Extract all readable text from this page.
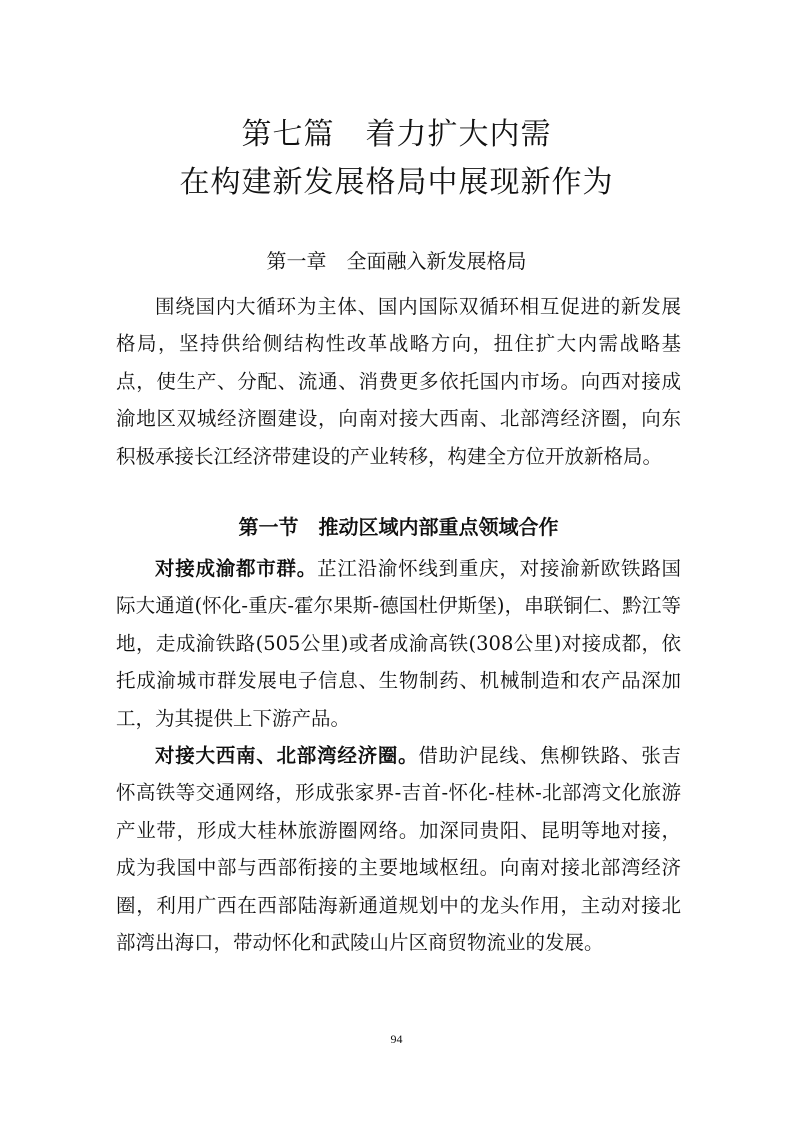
第七篇　着力扩大内需
在构建新发展格局中展现新作为
第一章　全面融入新发展格局

围绕国内大循环为主体、国内国际双循环相互促进的新发展格局，坚持供给侧结构性改革战略方向，扭住扩大内需战略基点，使生产、分配、流通、消费更多依托国内市场。向西对接成渝地区双城经济圈建设，向南对接大西南、北部湾经济圈，向东积极承接长江经济带建设的产业转移，构建全方位开放新格局。

第一节　推动区域内部重点领域合作

对接成渝都市群。芷江沿渝怀线到重庆，对接渝新欧铁路国际大通道(怀化-重庆-霍尔果斯-德国杜伊斯堡)，串联铜仁、黔江等地，走成渝铁路(505公里)或者成渝高铁(308公里)对接成都，依托成渝城市群发展电子信息、生物制药、机械制造和农产品深加工，为其提供上下游产品。

对接大西南、北部湾经济圈。借助沪昆线、焦柳铁路、张吉怀高铁等交通网络，形成张家界-吉首-怀化-桂林-北部湾文化旅游产业带，形成大桂林旅游圈网络。加深同贵阳、昆明等地对接，成为我国中部与西部衔接的主要地域枢纽。向南对接北部湾经济圈，利用广西在西部陆海新通道规划中的龙头作用，主动对接北部湾出海口，带动怀化和武陵山片区商贸物流业的发展。

94
